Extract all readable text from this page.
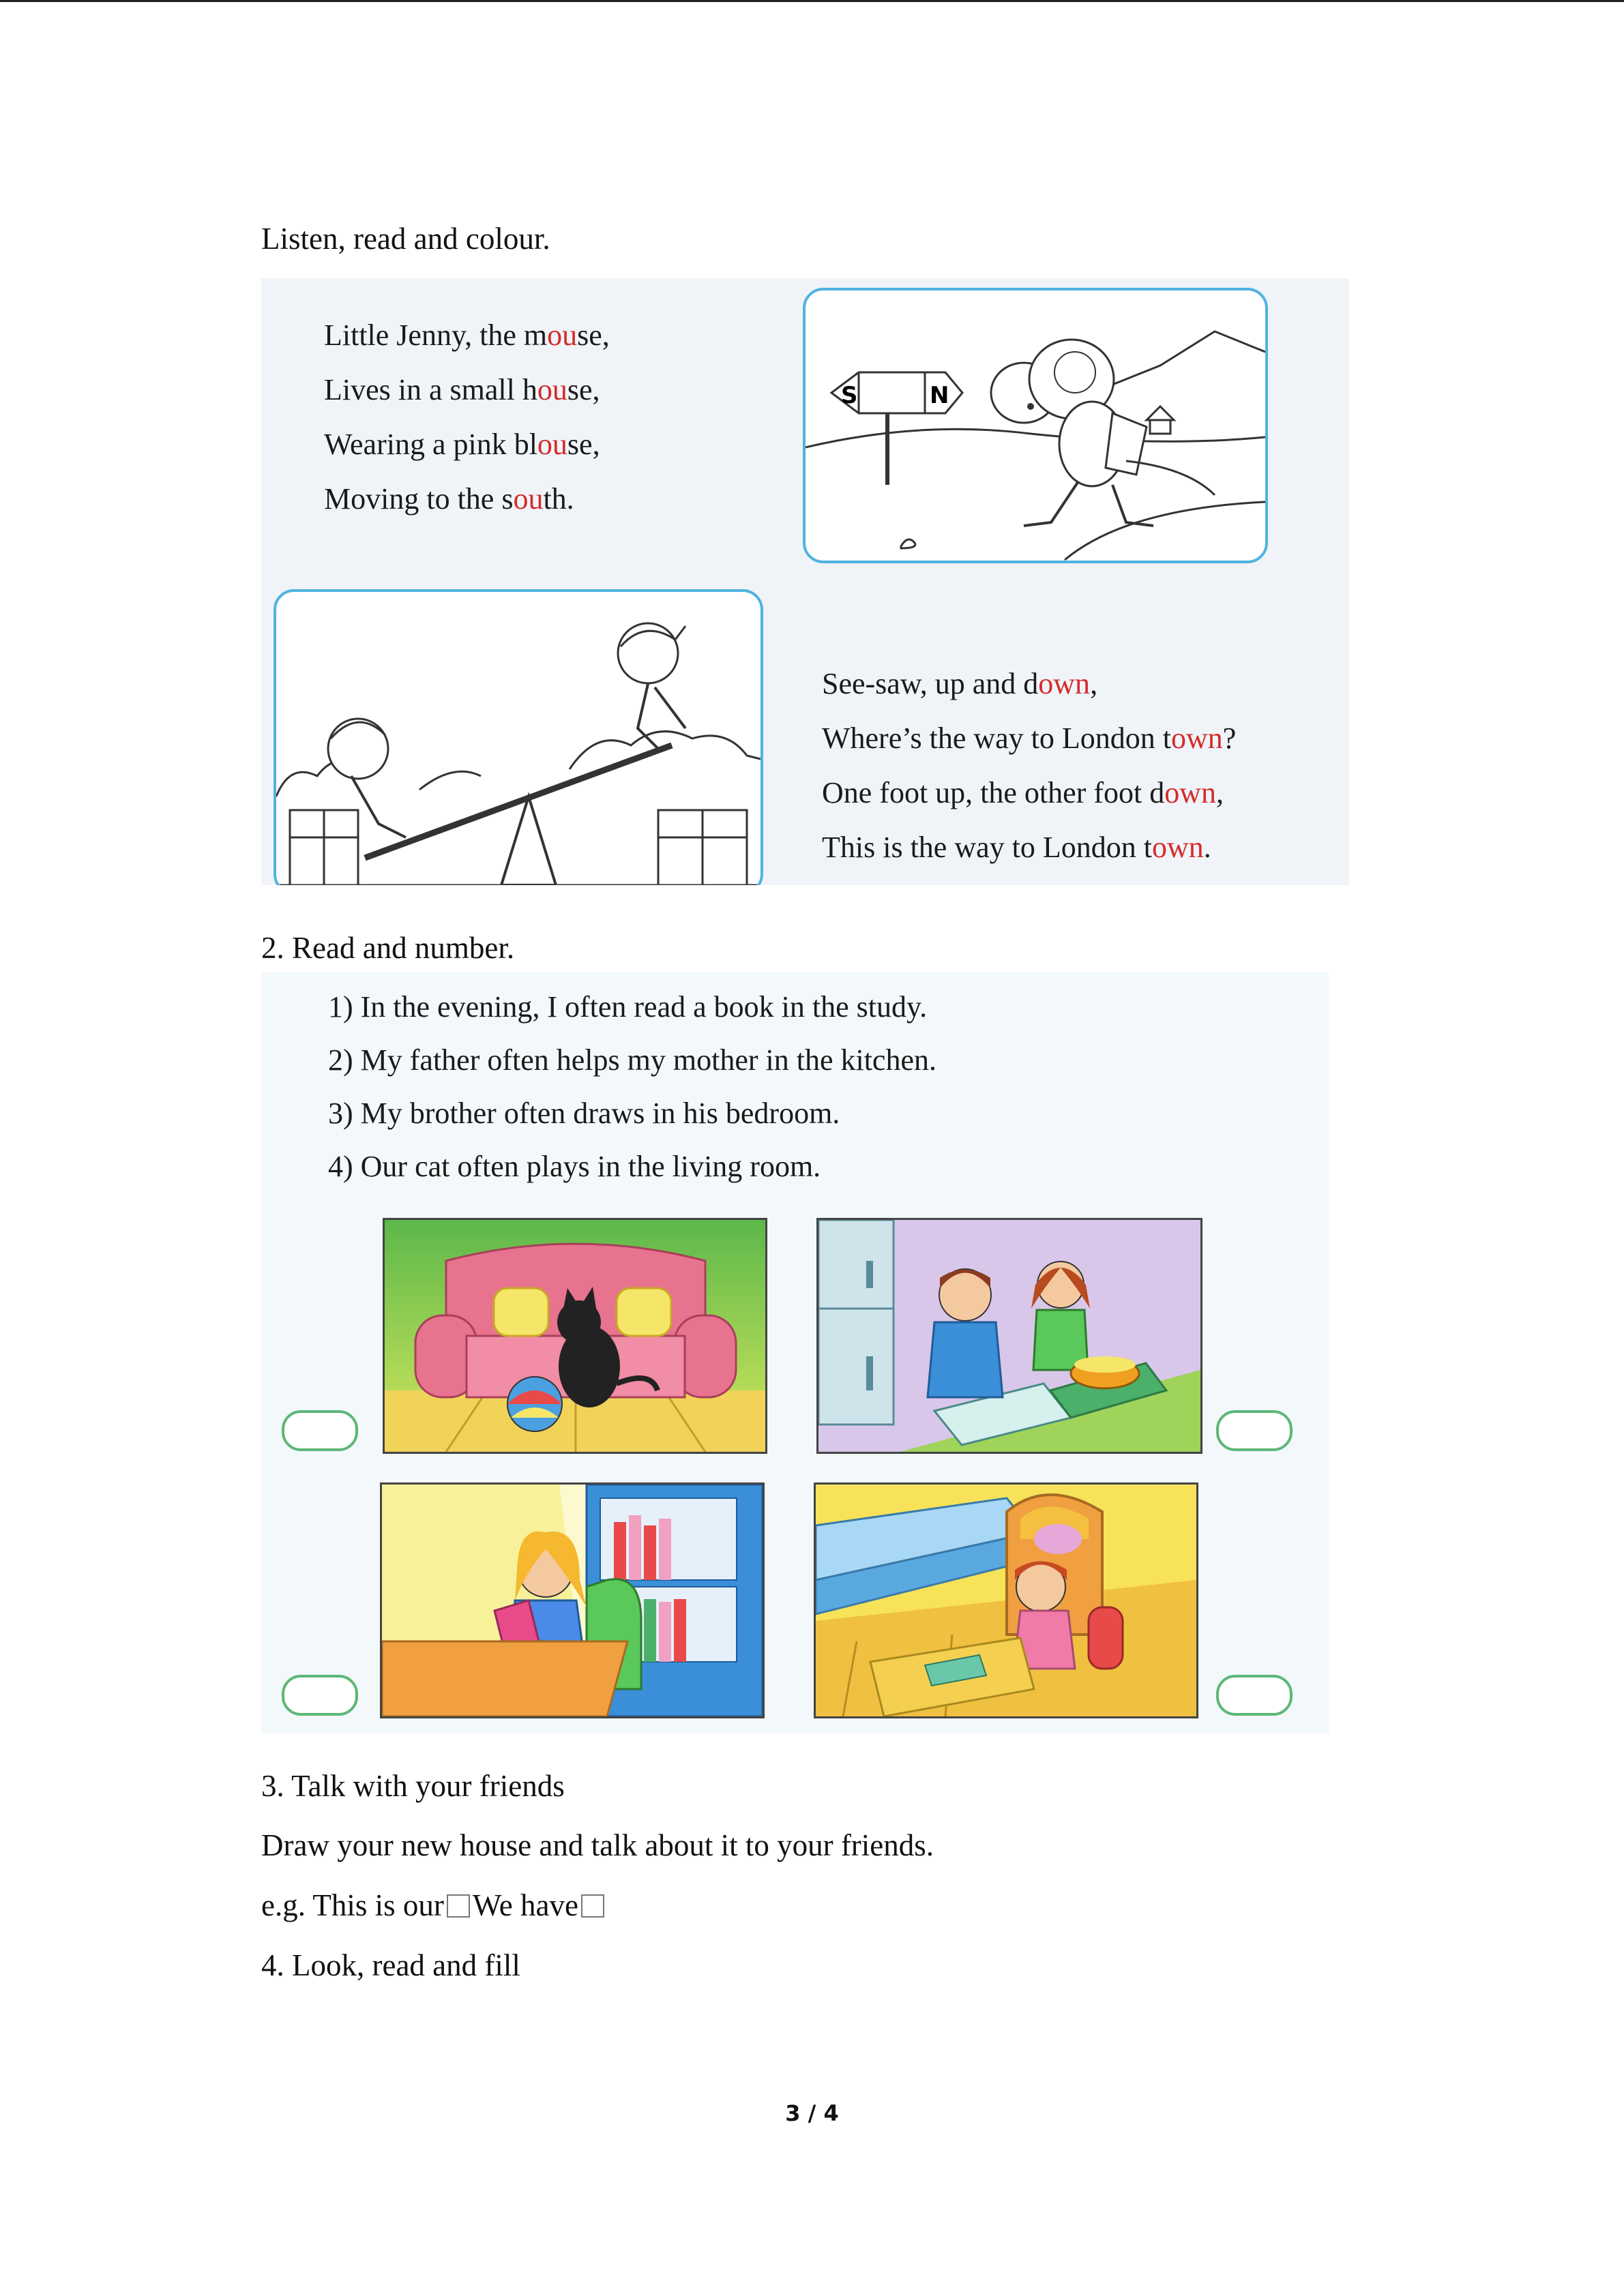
Listen, read and colour.
Little Jenny, the mouse,
Lives in a small house,
Wearing a pink blouse,
Moving to the south.
S	N
See-saw, up and down,
Where’s the way to London town?
One foot up, the other foot down,
This is the way to London town.
2. Read and number.
1) In the evening, I often read a book in the study.
2) My father often helps my mother in the kitchen.
3) My brother often draws in his bedroom.
4) Our cat often plays in the living room.
3. Talk with your friends
Draw your new house and talk about it to your friends.
e.g. This is our We have
4. Look, read and fill
3 / 4
